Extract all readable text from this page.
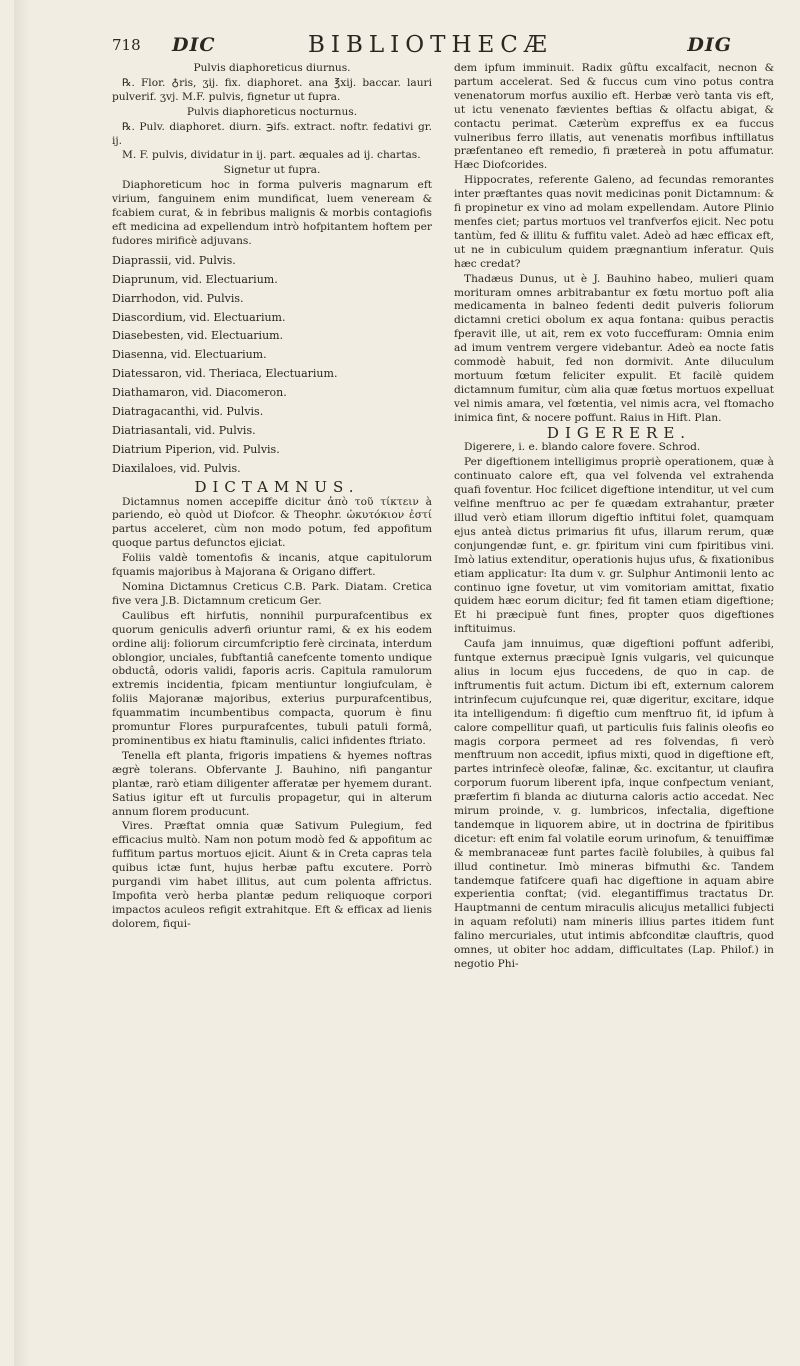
718 DIC	BIBLIOTHECÆ	DIG

Pulvis diaphoreticus diurnus.

℞. Flor. ♁ris, ʒij. fix. diaphoret. ana ℥xij. baccar. lauri pulverif. ʒvj. M.F. pulvis, fignetur ut fupra.

Pulvis diaphoreticus nocturnus.

℞. Pulv. diaphoret. diurn. ℈ifs. extract. noftr. fedativi gr. ij.

M. F. pulvis, dividatur in ij. part. æquales ad ij. chartas.

Signetur ut fupra.

Diaphoreticum hoc in forma pulveris magnarum eft virium, fanguinem enim mundificat, luem veneream & fcabiem curat, & in febribus malignis & morbis contagiofis eft medicina ad expellendum intrò hofpitantem hoftem per fudores mirificè adjuvans.

Diaprassii, vid. Pulvis.

Diaprunum, vid. Electuarium.

Diarrhodon, vid. Pulvis.

Diascordium, vid. Electuarium.

Diasebesten, vid. Electuarium.

Diasenna, vid. Electuarium.

Diatessaron, vid. Theriaca, Electuarium.

Diathamaron, vid. Diacomeron.

Diatragacanthi, vid. Pulvis.

Diatriasantali, vid. Pulvis.

Diatrium Piperion, vid. Pulvis.

Diaxilaloes, vid. Pulvis.

DICTAMNUS.

Dictamnus nomen accepiffe dicitur ἀπὸ τοῦ τίκτειν à pariendo, eò quòd ut Diofcor. & Theophr. ὠκυτόκιον ἐστί partus acceleret, cùm non modo potum, fed appofitum quoque partus defunctos ejiciat.

Foliis valdè tomentofis & incanis, atque capitulorum fquamis majoribus à Majorana & Origano differt.

Nomina Dictamnus Creticus C.B. Park. Diatam. Cretica five vera J.B. Dictamnum creticum Ger.

Caulibus eft hirfutis, nonnihil purpurafcentibus ex quorum geniculis adverfi oriuntur rami, & ex his eodem ordine alij: foliorum circumfcriptio ferè circinata, interdum oblongior, unciales, fubftantiâ canefcente tomento undique obductâ, odoris validi, faporis acris. Capitula ramulorum extremis incidentia, fpicam mentiuntur longiufculam, è foliis Majoranæ majoribus, exterius purpurafcentibus, fquammatim incumbentibus compacta, quorum è finu promuntur Flores purpurafcentes, tubuli patuli formâ, prominentibus ex hiatu ftaminulis, calici infidentes ftriato.

Tenella eft planta, frigoris impatiens & hyemes noftras ægrè tolerans. Obfervante J. Bauhino, nifi pangantur plantæ, rarò etiam diligenter afferatæ per hyemem durant. Satius igitur eft ut furculis propagetur, qui in alterum annum florem producunt.

Vires. Præftat omnia quæ Sativum Pulegium, fed efficacius multò. Nam non potum modò fed & appofitum ac fuffitum partus mortuos ejicit. Aiunt & in Creta capras tela quibus ictæ funt, hujus herbæ paftu excutere. Porrò purgandi vim habet illitus, aut cum polenta affrictus. Impofita verò herba plantæ pedum reliquoque corpori impactos aculeos refigit extrahitque. Eft & efficax ad lienis dolorem, fiqui-

dem ipfum imminuit. Radix gûftu excalfacit, necnon & partum accelerat. Sed & fuccus cum vino potus contra venenatorum morfus auxilio eft. Herbæ verò tanta vis eft, ut ictu venenato fævientes beftias & olfactu abigat, & contactu perimat. Cæterùm expreffus ex ea fuccus vulneribus ferro illatis, aut venenatis morfibus inftillatus præfentaneo eft remedio, fi prætereà in potu affumatur. Hæc Diofcorides.

Hippocrates, referente Galeno, ad fecundas remorantes inter præftantes quas novit medicinas ponit Dictamnum: & fi propinetur ex vino ad molam expellendam. Autore Plinio menfes ciet; partus mortuos vel tranfverfos ejicit. Nec potu tantùm, fed & illitu & fuffitu valet. Adeò ad hæc efficax eft, ut ne in cubiculum quidem prægnantium inferatur. Quis hæc credat?

Thadæus Dunus, ut è J. Bauhino habeo, mulieri quam morituram omnes arbitrabantur ex fœtu mortuo poft alia medicamenta in balneo fedenti dedit pulveris foliorum dictamni cretici obolum ex aqua fontana: quibus peractis fperavit ille, ut ait, rem ex voto fucceffuram: Omnia enim ad imum ventrem vergere videbantur. Adeò ea nocte fatis commodè habuit, fed non dormivit. Ante diluculum mortuum fœtum feliciter expulit. Et facilè quidem dictamnum fumitur, cùm alia quæ fœtus mortuos expelluat vel nimis amara, vel fœtentia, vel nimis acra, vel ftomacho inimica fint, & nocere poffunt. Raius in Hift. Plan.

DIGERERE.

Digerere, i. e. blando calore fovere. Schrod.

Per digeftionem intelligimus propriè operationem, quæ à continuato calore eft, qua vel folvenda vel extrahenda quafi foventur. Hoc fcilicet digeftione intenditur, ut vel cum velfine menftruo ac per fe quædam extrahantur, præter illud verò etiam illorum digeftio inftitui folet, quamquam ejus anteà dictus primarius fit ufus, illarum rerum, quæ conjungendæ funt, e. gr. fpiritum vini cum fpiritibus vini. Imò latius extenditur, operationis hujus ufus, & fixationibus etiam applicatur: Ita dum v. gr. Sulphur Antimonii lento ac continuo igne fovetur, ut vim vomitoriam amittat, fixatio quidem hæc eorum dicitur; fed fit tamen etiam digeftione; Et hi præcipuè funt fines, propter quos digeftiones inftituimus.

Caufa jam innuimus, quæ digeftioni poffunt adferibi, funtque externus præcipuè Ignis vulgaris, vel quicunque alius in locum ejus fuccedens, de quo in cap. de inftrumentis fuit actum. Dictum ibi eft, externum calorem intrinfecum cujufcunque rei, quæ digeritur, excitare, idque ita intelligendum: fi digeftio cum menftruo fit, id ipfum à calore compellitur quafi, ut particulis fuis falinis oleofis eo magis corpora permeet ad res folvendas, fi verò menftruum non accedit, ipfius mixti, quod in digeftione eft, partes intrinfecè oleofæ, falinæ, &c. excitantur, ut claufira corporum fuorum liberent ipfa, inque confpectum veniant, præfertim fi blanda ac diuturna caloris actio accedat. Nec mirum proinde, v. g. lumbricos, infectalia, digeftione tandemque in liquorem abire, ut in doctrina de fpiritibus dicetur: eft enim fal volatile eorum urinofum, & tenuiffimæ & membranaceæ funt partes facilè folubiles, à quibus fal illud continetur. Imò mineras bifmuthi &c. Tandem tandemque fatifcere quafi hac digeftione in aquam abire experientia conftat; (vid. elegantiffimus tractatus Dr. Hauptmanni de centum miraculis alicujus metallici fubjecti in aquam refoluti) nam mineris illius partes itidem funt falino mercuriales, utut intimis abfconditæ clauftris, quod omnes, ut obiter hoc addam, difficultates (Lap. Philof.) in negotio Phi-
